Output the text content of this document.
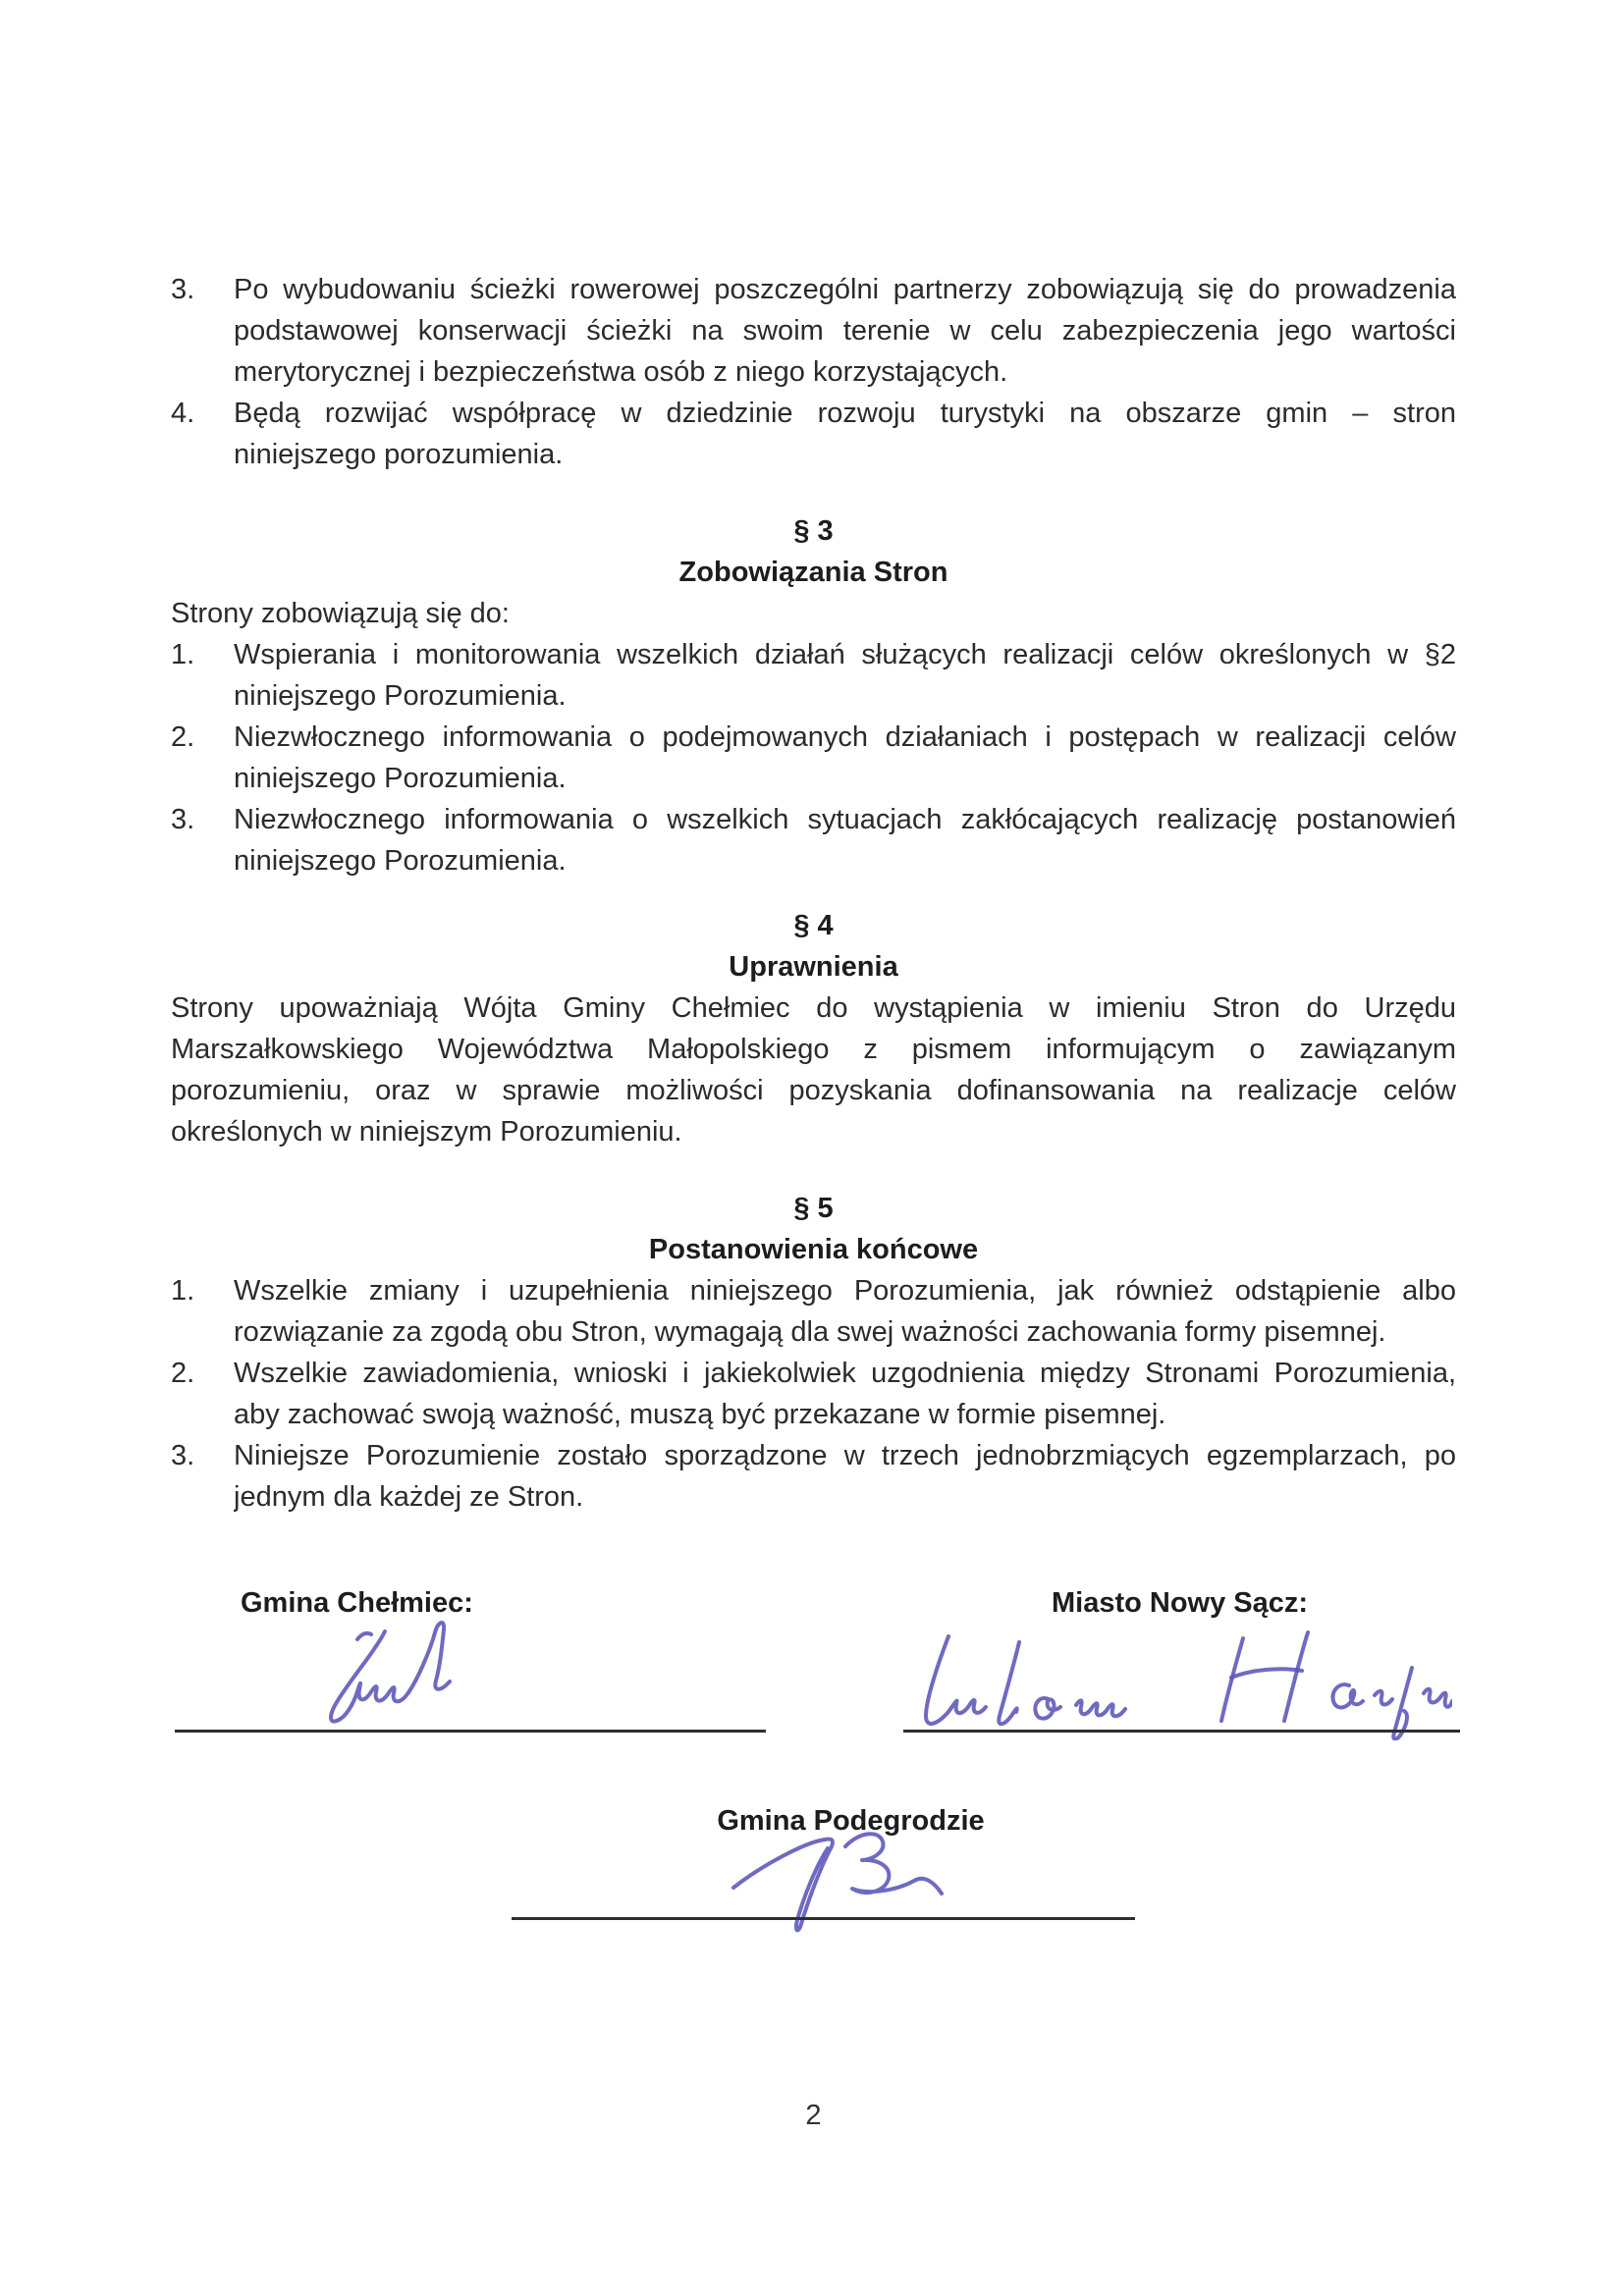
3.	Po wybudowaniu ścieżki rowerowej poszczególni partnerzy zobowiązują się do prowadzenia
podstawowej konserwacji ścieżki na swoim terenie w celu zabezpieczenia jego wartości
merytorycznej i bezpieczeństwa osób z niego korzystających.
4.	Będą rozwijać współpracę w dziedzinie rozwoju turystyki na obszarze gmin – stron
niniejszego porozumienia.
§ 3
Zobowiązania Stron
Strony zobowiązują się do:
1.	Wspierania i monitorowania wszelkich działań służących realizacji celów określonych w §2
niniejszego Porozumienia.
2.	Niezwłocznego informowania o podejmowanych działaniach i postępach w realizacji celów
niniejszego Porozumienia.
3.	Niezwłocznego informowania o wszelkich sytuacjach zakłócających realizację postanowień
niniejszego Porozumienia.
§ 4
Uprawnienia
Strony upoważniają Wójta Gminy Chełmiec do wystąpienia w imieniu Stron do Urzędu
Marszałkowskiego Województwa Małopolskiego z pismem informującym o zawiązanym
porozumieniu, oraz w sprawie możliwości pozyskania dofinansowania na realizacje celów
określonych w niniejszym Porozumieniu.
§ 5
Postanowienia końcowe
1.	Wszelkie zmiany i uzupełnienia niniejszego Porozumienia, jak również odstąpienie albo
rozwiązanie za zgodą obu Stron, wymagają dla swej ważności zachowania formy pisemnej.
2.	Wszelkie zawiadomienia, wnioski i jakiekolwiek uzgodnienia między Stronami Porozumienia,
aby zachować swoją ważność, muszą być przekazane w formie pisemnej.
3.	Niniejsze Porozumienie zostało sporządzone w trzech jednobrzmiących egzemplarzach, po
jednym dla każdej ze Stron.
Gmina Chełmiec:	Miasto Nowy Sącz:
Gmina Podegrodzie
2
